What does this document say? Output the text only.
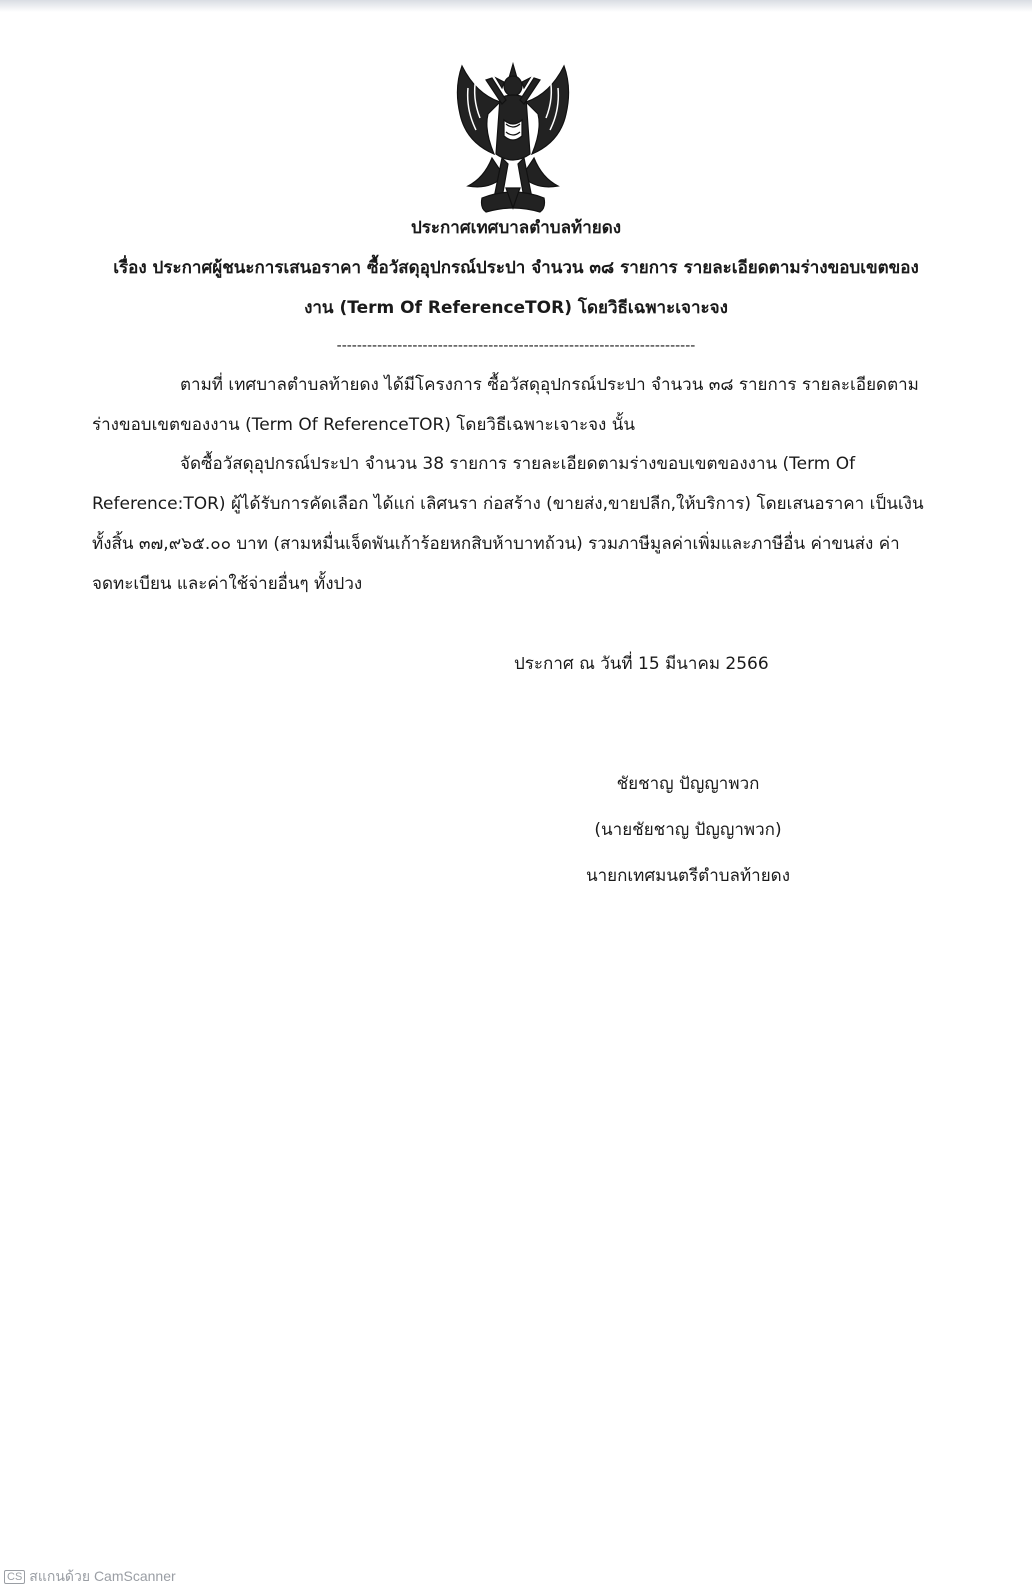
ประกาศเทศบาลตำบลท้ายดง
เรื่อง ประกาศผู้ชนะการเสนอราคา ซื้อวัสดุอุปกรณ์ประปา จำนวน ๓๘ รายการ รายละเอียดตามร่างขอบเขตของ
งาน (Term Of ReferenceTOR) โดยวิธีเฉพาะเจาะจง
-----------------------------------------------------------------------
ตามที่ เทศบาลตำบลท้ายดง ได้มีโครงการ ซื้อวัสดุอุปกรณ์ประปา จำนวน ๓๘ รายการ รายละเอียดตาม
ร่างขอบเขตของงาน (Term Of ReferenceTOR) โดยวิธีเฉพาะเจาะจง นั้น
จัดซื้อวัสดุอุปกรณ์ประปา จำนวน 38 รายการ รายละเอียดตามร่างขอบเขตของงาน (Term Of
Reference:TOR) ผู้ได้รับการคัดเลือก ได้แก่ เลิศนรา ก่อสร้าง (ขายส่ง,ขายปลีก,ให้บริการ) โดยเสนอราคา เป็นเงิน
ทั้งสิ้น ๓๗,๙๖๕.๐๐ บาท (สามหมื่นเจ็ดพันเก้าร้อยหกสิบห้าบาทถ้วน) รวมภาษีมูลค่าเพิ่มและภาษีอื่น ค่าขนส่ง ค่า
จดทะเบียน และค่าใช้จ่ายอื่นๆ ทั้งปวง
ประกาศ ณ วันที่ 15 มีนาคม 2566
ชัยชาญ ปัญญาพวก
(นายชัยชาญ ปัญญาพวก)
นายกเทศมนตรีตำบลท้ายดง
CS สแกนด้วย CamScanner
